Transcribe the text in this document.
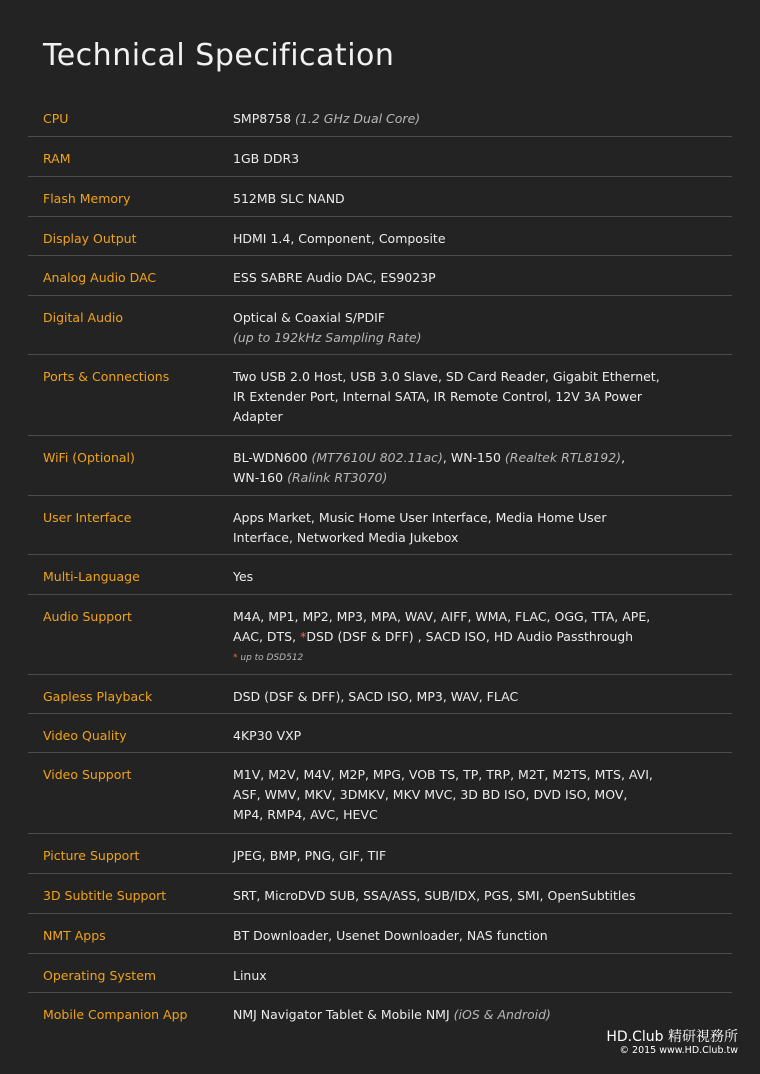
Technical Specification
CPU	SMP8758 (1.2 GHz Dual Core)
RAM	1GB DDR3
Flash Memory	512MB SLC NAND
Display Output	HDMI 1.4, Component, Composite
Analog Audio DAC	ESS SABRE Audio DAC, ES9023P
Digital Audio	Optical & Coaxial S/PDIF
(up to 192kHz Sampling Rate)
Ports & Connections	Two USB 2.0 Host, USB 3.0 Slave, SD Card Reader, Gigabit Ethernet,
IR Extender Port, Internal SATA, IR Remote Control, 12V 3A Power
Adapter
WiFi (Optional)	BL-WDN600 (MT7610U 802.11ac), WN-150 (Realtek RTL8192),
WN-160 (Ralink RT3070)
User Interface	Apps Market, Music Home User Interface, Media Home User
Interface, Networked Media Jukebox
Multi-Language	Yes
Audio Support	M4A, MP1, MP2, MP3, MPA, WAV, AIFF, WMA, FLAC, OGG, TTA, APE,
AAC, DTS, *DSD (DSF & DFF) , SACD ISO, HD Audio Passthrough
* up to DSD512
Gapless Playback	DSD (DSF & DFF), SACD ISO, MP3, WAV, FLAC
Video Quality	4KP30 VXP
Video Support	M1V, M2V, M4V, M2P, MPG, VOB TS, TP, TRP, M2T, M2TS, MTS, AVI,
ASF, WMV, MKV, 3DMKV, MKV MVC, 3D BD ISO, DVD ISO, MOV,
MP4, RMP4, AVC, HEVC
Picture Support	JPEG, BMP, PNG, GIF, TIF
3D Subtitle Support	SRT, MicroDVD SUB, SSA/ASS, SUB/IDX, PGS, SMI, OpenSubtitles
NMT Apps	BT Downloader, Usenet Downloader, NAS function
Operating System	Linux
Mobile Companion App	NMJ Navigator Tablet & Mobile NMJ (iOS & Android)
HD.Club 精研視務所
© 2015 www.HD.Club.tw
